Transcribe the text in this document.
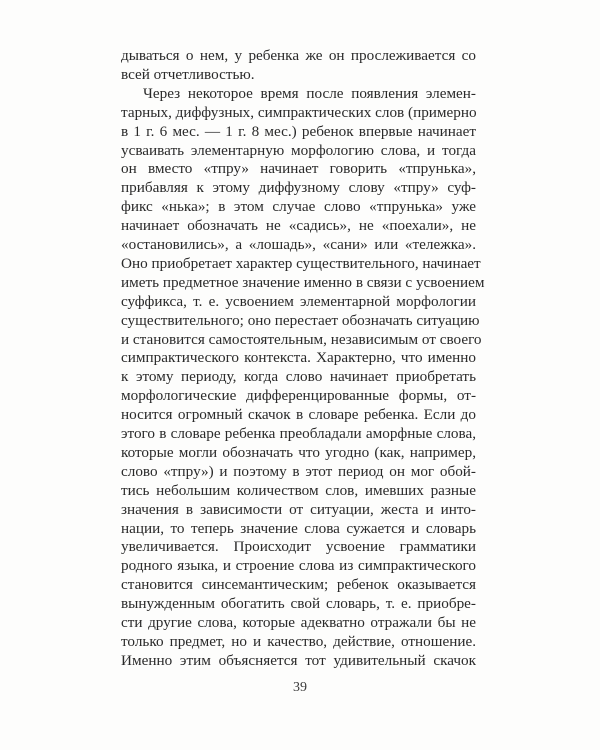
дываться о нем, у ребенка же он прослеживается со
всей отчетливостью.
Через некоторое время после появления элемен-
тарных, диффузных, симпрактических слов (примерно
в 1 г. 6 мес. — 1 г. 8 мес.) ребенок впервые начинает
усваивать элементарную морфологию слова, и тогда
он вместо «тпру» начинает говорить «тпрунька»,
прибавляя к этому диффузному слову «тпру» суф-
фикс «нька»; в этом случае слово «тпрунька» уже
начинает обозначать не «садись», не «поехали», не
«остановились», а «лошадь», «сани» или «тележка».
Оно приобретает характер существительного, начинает
иметь предметное значение именно в связи с усвоением
суффикса, т. е. усвоением элементарной морфологии
существительного; оно перестает обозначать ситуацию
и становится самостоятельным, независимым от своего
симпрактического контекста. Характерно, что именно
к этому периоду, когда слово начинает приобретать
морфологические дифференцированные формы, от-
носится огромный скачок в словаре ребенка. Если до
этого в словаре ребенка преобладали аморфные слова,
которые могли обозначать что угодно (как, например,
слово «тпру») и поэтому в этот период он мог обой-
тись небольшим количеством слов, имевших разные
значения в зависимости от ситуации, жеста и инто-
нации, то теперь значение слова сужается и словарь
увеличивается. Происходит усвоение грамматики
родного языка, и строение слова из симпрактического
становится синсемантическим; ребенок оказывается
вынужденным обогатить свой словарь, т. е. приобре-
сти другие слова, которые адекватно отражали бы не
только предмет, но и качество, действие, отношение.
Именно этим объясняется тот удивительный скачок
39
